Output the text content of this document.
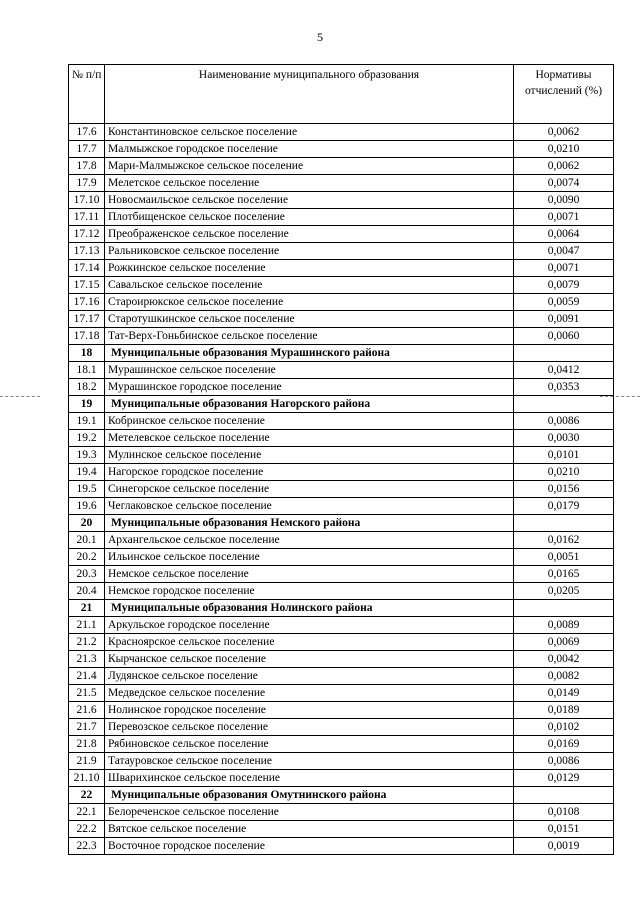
5
№ п/п	Наименование муниципального образования	Нормативы отчислений (%)
17.6	Константиновское сельское поселение	0,0062
17.7	Малмыжское городское поселение	0,0210
17.8	Мари-Малмыжское сельское поселение	0,0062
17.9	Мелетское сельское поселение	0,0074
17.10	Новосмаильское сельское поселение	0,0090
17.11	Плотбищенское сельское поселение	0,0071
17.12	Преображенское сельское поселение	0,0064
17.13	Ральниковское сельское поселение	0,0047
17.14	Рожкинское сельское поселение	0,0071
17.15	Савальское сельское поселение	0,0079
17.16	Староирюкское сельское поселение	0,0059
17.17	Старотушкинское сельское поселение	0,0091
17.18	Тат-Верх-Гоньбинское сельское поселение	0,0060
18	Муниципальные образования Мурашинского района	
18.1	Мурашинское сельское поселение	0,0412
18.2	Мурашинское городское поселение	0,0353
19	Муниципальные образования Нагорского района	
19.1	Кобринское сельское поселение	0,0086
19.2	Метелевское сельское поселение	0,0030
19.3	Мулинское сельское поселение	0,0101
19.4	Нагорское городское поселение	0,0210
19.5	Синегорское сельское поселение	0,0156
19.6	Чеглаковское сельское поселение	0,0179
20	Муниципальные образования Немского района	
20.1	Архангельское сельское поселение	0,0162
20.2	Ильинское сельское поселение	0,0051
20.3	Немское сельское поселение	0,0165
20.4	Немское городское поселение	0,0205
21	Муниципальные образования Нолинского района	
21.1	Аркульское городское поселение	0,0089
21.2	Красноярское сельское поселение	0,0069
21.3	Кырчанское сельское поселение	0,0042
21.4	Лудянское сельское поселение	0,0082
21.5	Медведское сельское поселение	0,0149
21.6	Нолинское городское поселение	0,0189
21.7	Перевозское сельское поселение	0,0102
21.8	Рябиновское сельское поселение	0,0169
21.9	Татауровское сельское поселение	0,0086
21.10	Шварихинское сельское поселение	0,0129
22	Муниципальные образования Омутнинского района	
22.1	Белореченское сельское поселение	0,0108
22.2	Вятское сельское поселение	0,0151
22.3	Восточное городское поселение	0,0019
